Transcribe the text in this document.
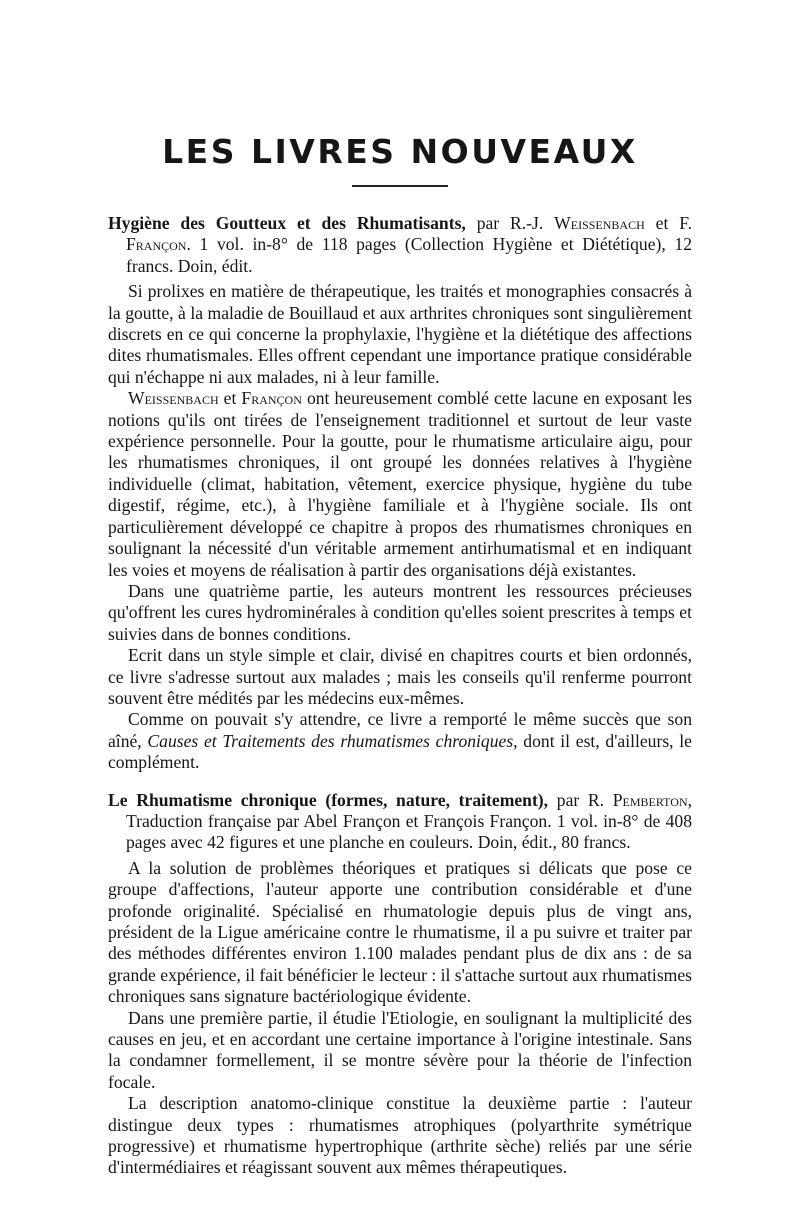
LES LIVRES NOUVEAUX

Hygiène des Goutteux et des Rhumatisants, par R.-J. Weissenbach et F. Françon. 1 vol. in-8° de 118 pages (Collection Hygiène et Diététique), 12 francs. Doin, édit.

Si prolixes en matière de thérapeutique, les traités et monographies consacrés à la goutte, à la maladie de Bouillaud et aux arthrites chroniques sont singulièrement discrets en ce qui concerne la prophylaxie, l'hygiène et la diététique des affections dites rhumatismales. Elles offrent cependant une importance pratique considérable qui n'échappe ni aux malades, ni à leur famille.

Weissenbach et Françon ont heureusement comblé cette lacune en exposant les notions qu'ils ont tirées de l'enseignement traditionnel et surtout de leur vaste expérience personnelle. Pour la goutte, pour le rhumatisme articulaire aigu, pour les rhumatismes chroniques, il ont groupé les données relatives à l'hygiène individuelle (climat, habitation, vêtement, exercice physique, hygiène du tube digestif, régime, etc.), à l'hygiène familiale et à l'hygiène sociale. Ils ont particulièrement développé ce chapitre à propos des rhumatismes chroniques en soulignant la nécessité d'un véritable armement antirhumatismal et en indiquant les voies et moyens de réalisation à partir des organisations déjà existantes.

Dans une quatrième partie, les auteurs montrent les ressources précieuses qu'offrent les cures hydrominérales à condition qu'elles soient prescrites à temps et suivies dans de bonnes conditions.

Ecrit dans un style simple et clair, divisé en chapitres courts et bien ordonnés, ce livre s'adresse surtout aux malades ; mais les conseils qu'il renferme pourront souvent être médités par les médecins eux-mêmes.

Comme on pouvait s'y attendre, ce livre a remporté le même succès que son aîné, Causes et Traitements des rhumatismes chroniques, dont il est, d'ailleurs, le complément.

Le Rhumatisme chronique (formes, nature, traitement), par R. Pemberton, Traduction française par Abel Françon et François Françon. 1 vol. in-8° de 408 pages avec 42 figures et une planche en couleurs. Doin, édit., 80 francs.

A la solution de problèmes théoriques et pratiques si délicats que pose ce groupe d'affections, l'auteur apporte une contribution considérable et d'une profonde originalité. Spécialisé en rhumatologie depuis plus de vingt ans, président de la Ligue américaine contre le rhumatisme, il a pu suivre et traiter par des méthodes différentes environ 1.100 malades pendant plus de dix ans : de sa grande expérience, il fait bénéficier le lecteur : il s'attache surtout aux rhumatismes chroniques sans signature bactériologique évidente.

Dans une première partie, il étudie l'Etiologie, en soulignant la multiplicité des causes en jeu, et en accordant une certaine importance à l'origine intestinale. Sans la condamner formellement, il se montre sévère pour la théorie de l'infection focale.

La description anatomo-clinique constitue la deuxième partie : l'auteur distingue deux types : rhumatismes atrophiques (polyarthrite symétrique progressive) et rhumatisme hypertrophique (arthrite sèche) reliés par une série d'intermédiaires et réagissant souvent aux mêmes thérapeutiques.
